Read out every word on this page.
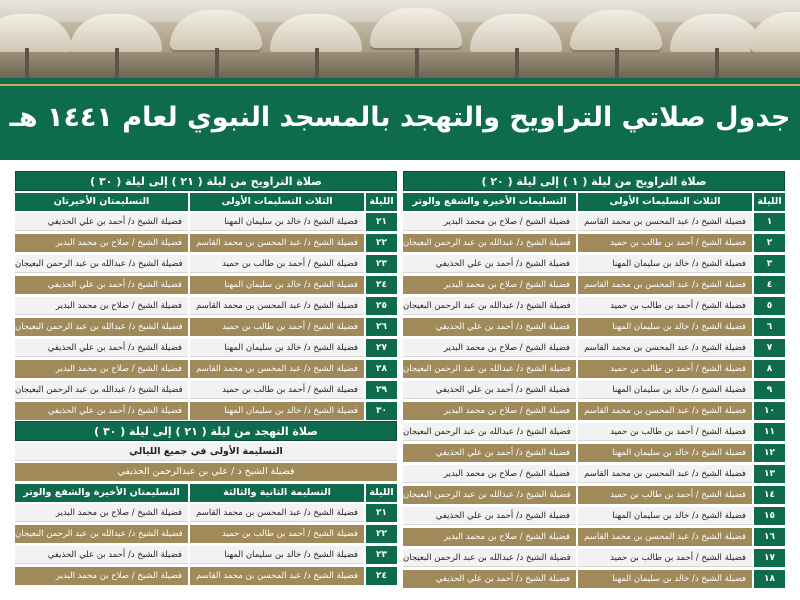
جدول صلاتي التراويح والتهجد بالمسجد النبوي لعام ١٤٤١ هـ
صلاة التراويح من ليلة ( ١ ) إلى ليلة ( ٢٠ )
الليلة
الثلاث التسليمات الأولى
التسليمات الأخيرة والشفع والوتر
١
فضيلة الشيخ د/ عبد المحسن بن محمد القاسم
فضيلة الشيخ / صلاح بن محمد البدير
٢
فضيلة الشيخ / أحمد بن طالب بن حميد
فضيلة الشيخ د/ عبدالله بن عبد الرحمن البعيجان
٣
فضيلة الشيخ د/ خالد بن سليمان المهنا
فضيلة الشيخ د/ أحمد بن علي الحذيفي
٤
فضيلة الشيخ د/ عبد المحسن بن محمد القاسم
فضيلة الشيخ / صلاح بن محمد البدير
٥
فضيلة الشيخ / أحمد بن طالب بن حميد
فضيلة الشيخ د/ عبدالله بن عبد الرحمن البعيجان
٦
فضيلة الشيخ د/ خالد بن سليمان المهنا
فضيلة الشيخ د/ أحمد بن علي الحذيفي
٧
فضيلة الشيخ د/ عبد المحسن بن محمد القاسم
فضيلة الشيخ / صلاح بن محمد البدير
٨
فضيلة الشيخ / أحمد بن طالب بن حميد
فضيلة الشيخ د/ عبدالله بن عبد الرحمن البعيجان
٩
فضيلة الشيخ د/ خالد بن سليمان المهنا
فضيلة الشيخ د/ أحمد بن علي الحذيفي
١٠
فضيلة الشيخ د/ عبد المحسن بن محمد القاسم
فضيلة الشيخ / صلاح بن محمد البدير
١١
فضيلة الشيخ / أحمد بن طالب بن حميد
فضيلة الشيخ د/ عبدالله بن عبد الرحمن البعيجان
١٢
فضيلة الشيخ د/ خالد بن سليمان المهنا
فضيلة الشيخ د/ أحمد بن علي الحذيفي
١٣
فضيلة الشيخ د/ عبد المحسن بن محمد القاسم
فضيلة الشيخ / صلاح بن محمد البدير
١٤
فضيلة الشيخ / أحمد بن طالب بن حميد
فضيلة الشيخ د/ عبدالله بن عبد الرحمن البعيجان
١٥
فضيلة الشيخ د/ خالد بن سليمان المهنا
فضيلة الشيخ د/ أحمد بن علي الحذيفي
١٦
فضيلة الشيخ د/ عبد المحسن بن محمد القاسم
فضيلة الشيخ / صلاح بن محمد البدير
١٧
فضيلة الشيخ / أحمد بن طالب بن حميد
فضيلة الشيخ د/ عبدالله بن عبد الرحمن البعيجان
١٨
فضيلة الشيخ د/ خالد بن سليمان المهنا
فضيلة الشيخ د/ أحمد بن علي الحذيفي
صلاة التراويح من ليلة ( ٢١ ) إلى ليلة ( ٣٠ )
الليلة
الثلاث التسليمات الأولى
التسليمتان الأخيرتان
٢١
فضيلة الشيخ د/ خالد بن سليمان المهنا
فضيلة الشيخ د/ أحمد بن علي الحذيفي
٢٢
فضيلة الشيخ د/ عبد المحسن بن محمد القاسم
فضيلة الشيخ / صلاح بن محمد البدير
٢٣
فضيلة الشيخ / أحمد بن طالب بن حميد
فضيلة الشيخ د/ عبدالله بن عبد الرحمن البعيجان
٢٤
فضيلة الشيخ د/ خالد بن سليمان المهنا
فضيلة الشيخ د/ أحمد بن علي الحذيفي
٢٥
فضيلة الشيخ د/ عبد المحسن بن محمد القاسم
فضيلة الشيخ / صلاح بن محمد البدير
٢٦
فضيلة الشيخ / أحمد بن طالب بن حميد
فضيلة الشيخ د/ عبدالله بن عبد الرحمن البعيجان
٢٧
فضيلة الشيخ د/ خالد بن سليمان المهنا
فضيلة الشيخ د/ أحمد بن علي الحذيفي
٢٨
فضيلة الشيخ د/ عبد المحسن بن محمد القاسم
فضيلة الشيخ / صلاح بن محمد البدير
٢٩
فضيلة الشيخ / أحمد بن طالب بن حميد
فضيلة الشيخ د/ عبدالله بن عبد الرحمن البعيجان
٣٠
فضيلة الشيخ د/ خالد بن سليمان المهنا
فضيلة الشيخ د/ أحمد بن علي الحذيفي
صلاة التهجد من ليلة ( ٢١ ) إلى ليلة ( ٣٠ )
التسليمة الأولى في جميع الليالي
فضيلة الشيخ د / علي بن عبدالرحمن الحذيفي
الليلة
التسليمة الثانية والثالثة
التسليمتان الأخيرة والشفع والوتر
٢١
فضيلة الشيخ د/ عبد المحسن بن محمد القاسم
فضيلة الشيخ / صلاح بن محمد البدير
٢٢
فضيلة الشيخ / أحمد بن طالب بن حميد
فضيلة الشيخ د/ عبدالله بن عبد الرحمن البعيجان
٢٣
فضيلة الشيخ د/ خالد بن سليمان المهنا
فضيلة الشيخ د/ أحمد بن علي الحذيفي
٢٤
فضيلة الشيخ د/ عبد المحسن بن محمد القاسم
فضيلة الشيخ / صلاح بن محمد البدير
